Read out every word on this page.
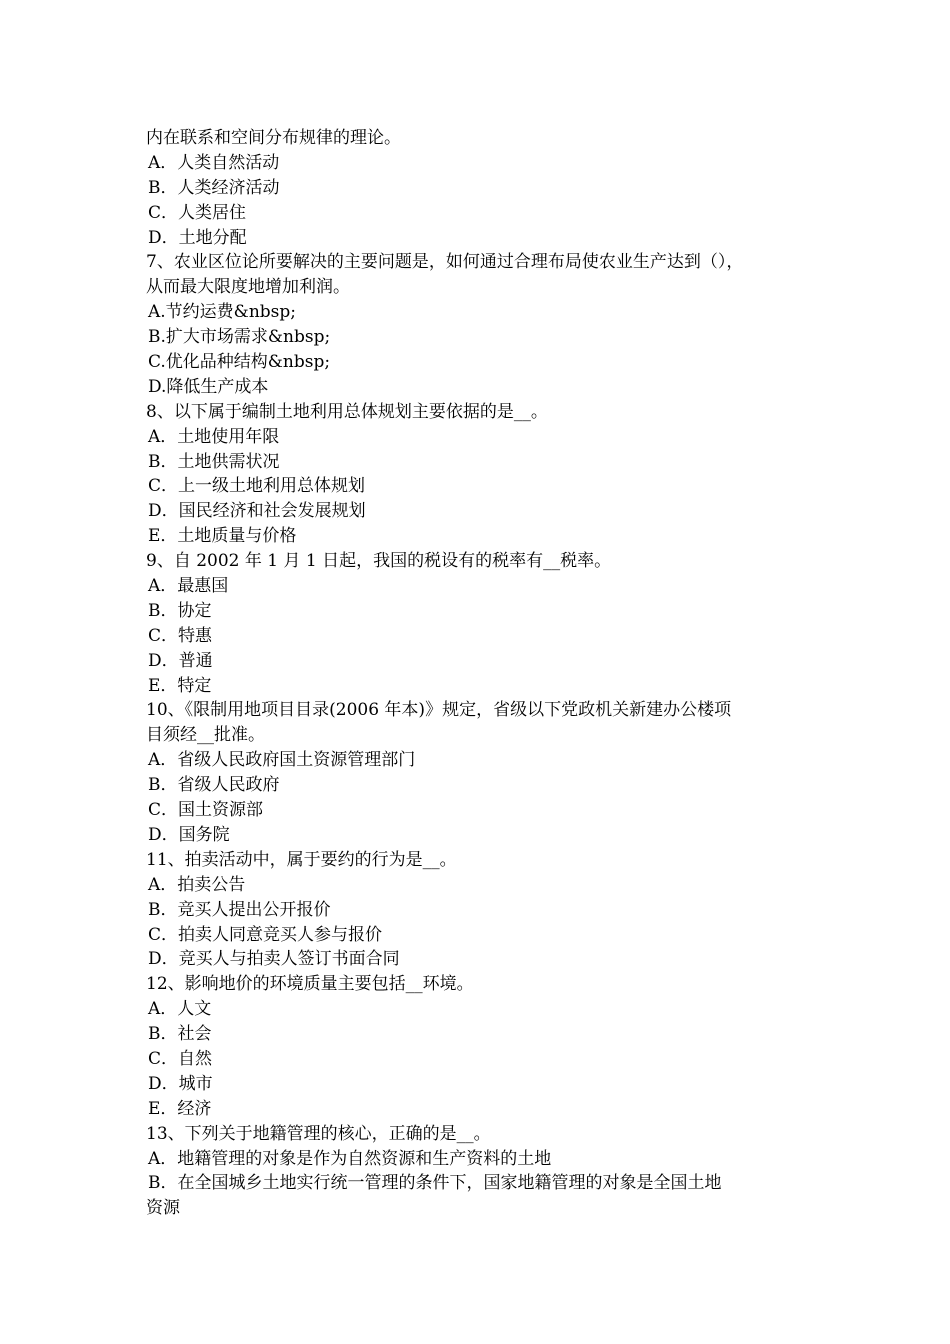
内在联系和空间分布规律的理论。
A．人类自然活动
B．人类经济活动
C．人类居住
D．土地分配
7、农业区位论所要解决的主要问题是，如何通过合理布局使农业生产达到（），
从而最大限度地增加利润。
A.节约运费&nbsp;
B.扩大市场需求&nbsp;
C.优化品种结构&nbsp;
D.降低生产成本
8、以下属于编制土地利用总体规划主要依据的是__。
A．土地使用年限
B．土地供需状况
C．上一级土地利用总体规划
D．国民经济和社会发展规划
E．土地质量与价格
9、自 2002 年 1 月 1 日起，我国的税设有的税率有__税率。
A．最惠国
B．协定
C．特惠
D．普通
E．特定
10、《限制用地项目目录(2006 年本)》规定，省级以下党政机关新建办公楼项
目须经__批准。
A．省级人民政府国土资源管理部门
B．省级人民政府
C．国土资源部
D．国务院
11、拍卖活动中，属于要约的行为是__。
A．拍卖公告
B．竞买人提出公开报价
C．拍卖人同意竞买人参与报价
D．竞买人与拍卖人签订书面合同
12、影响地价的环境质量主要包括__环境。
A．人文
B．社会
C．自然
D．城市
E．经济
13、下列关于地籍管理的核心，正确的是__。
A．地籍管理的对象是作为自然资源和生产资料的土地
B．在全国城乡土地实行统一管理的条件下，国家地籍管理的对象是全国土地
资源
